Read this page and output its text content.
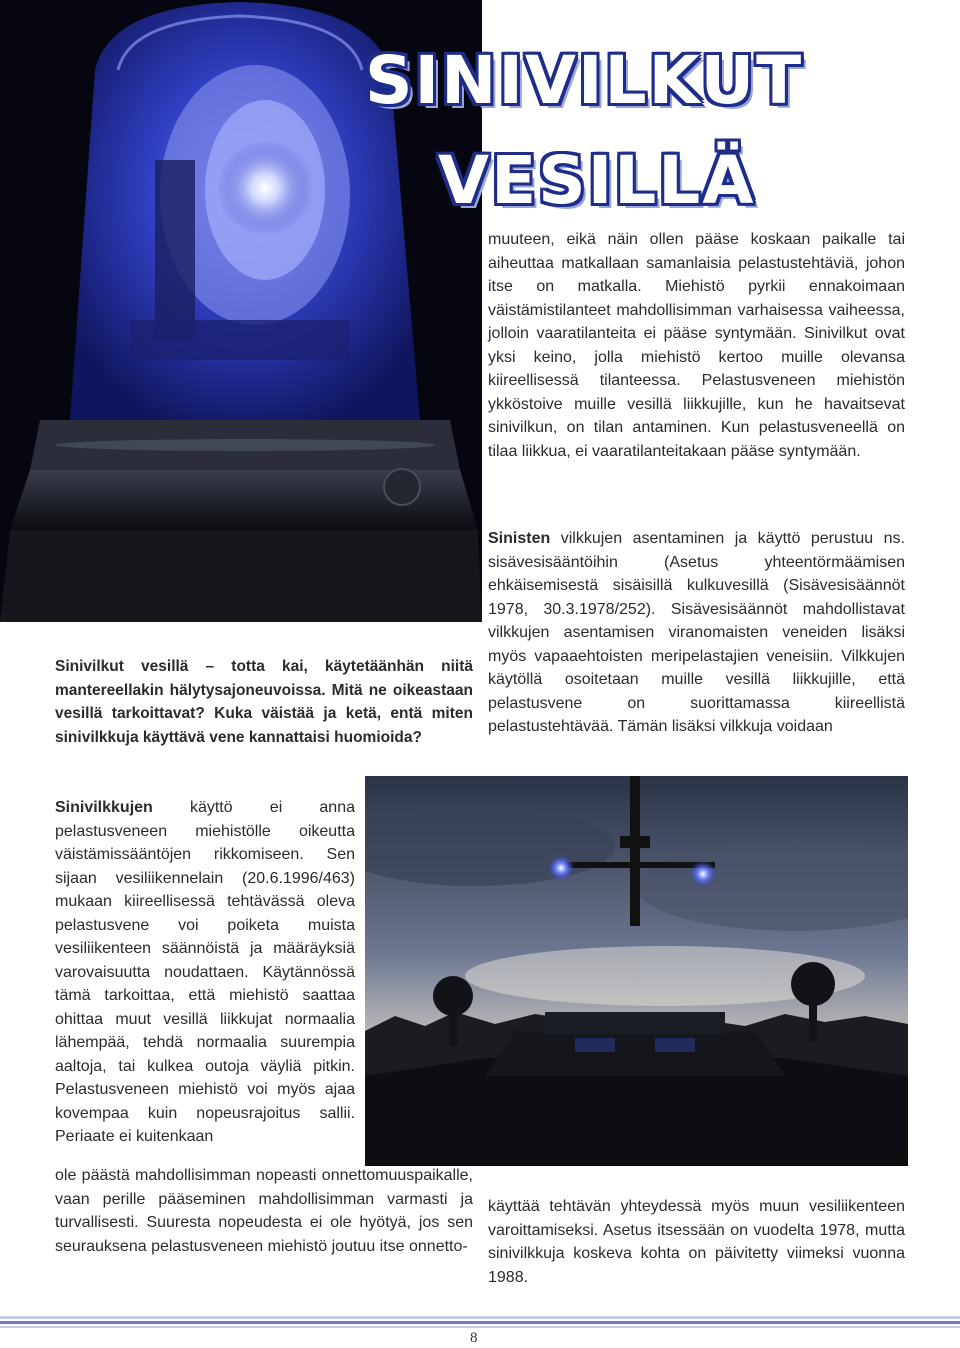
SINIVILKUT
VESILLÄ
muuteen, eikä näin ollen pääse koskaan paikalle tai aiheuttaa matkallaan samanlaisia pelastustehtäviä, johon itse on matkalla. Miehistö pyrkii ennakoimaan väistämistilanteet mahdollisimman varhaisessa vaiheessa, jolloin vaaratilanteita ei pääse syntymään. Sinivilkut ovat yksi keino, jolla miehistö kertoo muille olevansa kiireellisessä tilanteessa. Pelastusveneen miehistön ykköstoive muille vesillä liikkujille, kun he havaitsevat sinivilkun, on tilan antaminen. Kun pelastusveneellä on tilaa liikkua, ei vaaratilanteitakaan pääse syntymään.
Sinisten vilkkujen asentaminen ja käyttö perustuu ns. sisävesisääntöihin (Asetus yhteentörmäämisen ehkäisemisestä sisäisillä kulkuvesillä (Sisävesisäännöt 1978, 30.3.1978/252). Sisävesisäännöt mahdollistavat vilkkujen asentamisen viranomaisten veneiden lisäksi myös vapaaehtoisten meripelastajien veneisiin. Vilkkujen käytöllä osoitetaan muille vesillä liikkujille, että pelastusvene on suorittamassa kiireellistä pelastustehtävää. Tämän lisäksi vilkkuja voidaan
Sinivilkut vesillä – totta kai, käytetäänhän niitä mantereellakin hälytysajoneuvoissa. Mitä ne oikeastaan vesillä tarkoittavat? Kuka väistää ja ketä, entä miten sinivilkkuja käyttävä vene kannattaisi huomioida?
Sinivilkkujen käyttö ei anna pelastusveneen miehistölle oikeutta väistämissääntöjen rikkomiseen. Sen sijaan vesiliikennelain (20.6.1996/463) mukaan kiireellisessä tehtävässä oleva pelastusvene voi poiketa muista vesiliikenteen säännöistä ja määräyksiä varovaisuutta noudattaen. Käytännössä tämä tarkoittaa, että miehistö saattaa ohittaa muut vesillä liikkujat normaalia lähempää, tehdä normaalia suurempia aaltoja, tai kulkea outoja väyliä pitkin. Pelastusveneen miehistö voi myös ajaa kovempaa kuin nopeusrajoitus sallii. Periaate ei kuitenkaan
ole päästä mahdollisimman nopeasti onnettomuuspaikalle, vaan perille pääseminen mahdollisimman varmasti ja turvallisesti. Suuresta nopeudesta ei ole hyötyä, jos sen seurauksena pelastusveneen miehistö joutuu itse onnetto-
käyttää tehtävän yhteydessä myös muun vesiliikenteen varoittamiseksi. Asetus itsessään on vuodelta 1978, mutta sinivilkkuja koskeva kohta on päivitetty viimeksi vuonna 1988.
8
